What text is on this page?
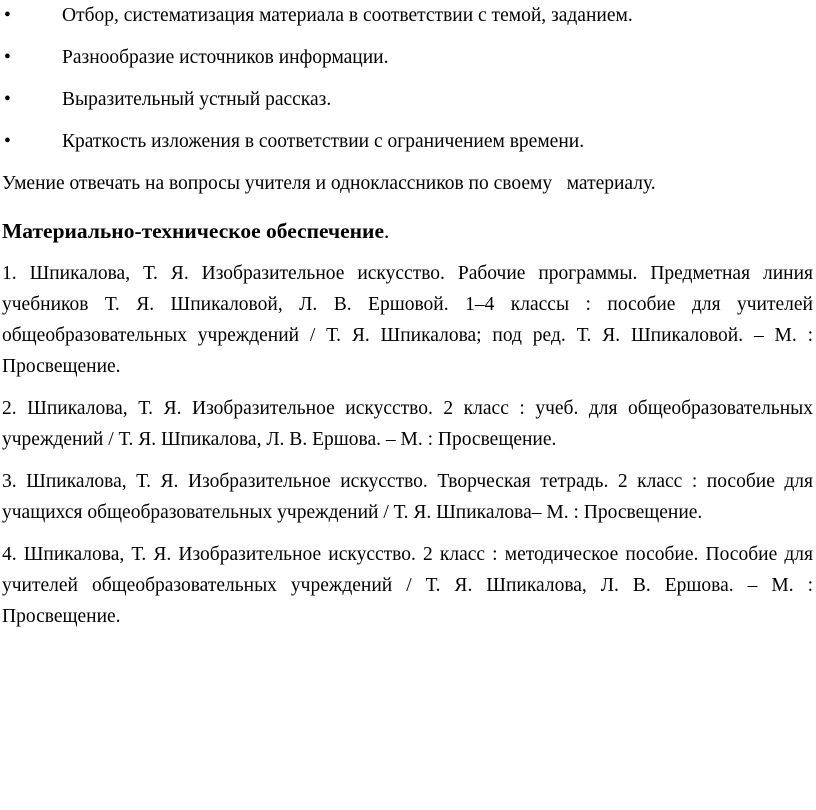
•	Отбор, систематизация материала в соответствии с темой, заданием.
•	Разнообразие источников информации.
•	Выразительный устный рассказ.
•	Краткость изложения в соответствии с ограничением времени.

Умение отвечать на вопросы учителя и одноклассников по своему   материалу.

Материально-техническое обеспечение.

1. Шпикалова, Т. Я. Изобразительное искусство. Рабочие программы. Предметная линия учебников Т. Я. Шпикаловой, Л. В. Ершовой. 1–4 классы : пособие для учителей общеобразовательных учреждений / Т. Я. Шпикалова; под ред. Т. Я. Шпикаловой. – М. : Просвещение.

2. Шпикалова, Т. Я. Изобразительное искусство. 2 класс : учеб. для общеобразовательных учреждений / Т. Я. Шпикалова, Л. В. Ершова. – М. : Просвещение.

3. Шпикалова, Т. Я. Изобразительное искусство. Творческая тетрадь. 2 класс : пособие для учащихся общеобразовательных учреждений / Т. Я. Шпикалова– М. : Просвещение.

4. Шпикалова, Т. Я. Изобразительное искусство. 2 класс : методическое пособие. Пособие для учителей общеобразовательных учреждений / Т. Я. Шпикалова, Л. В. Ершова. – М. : Просвещение.
